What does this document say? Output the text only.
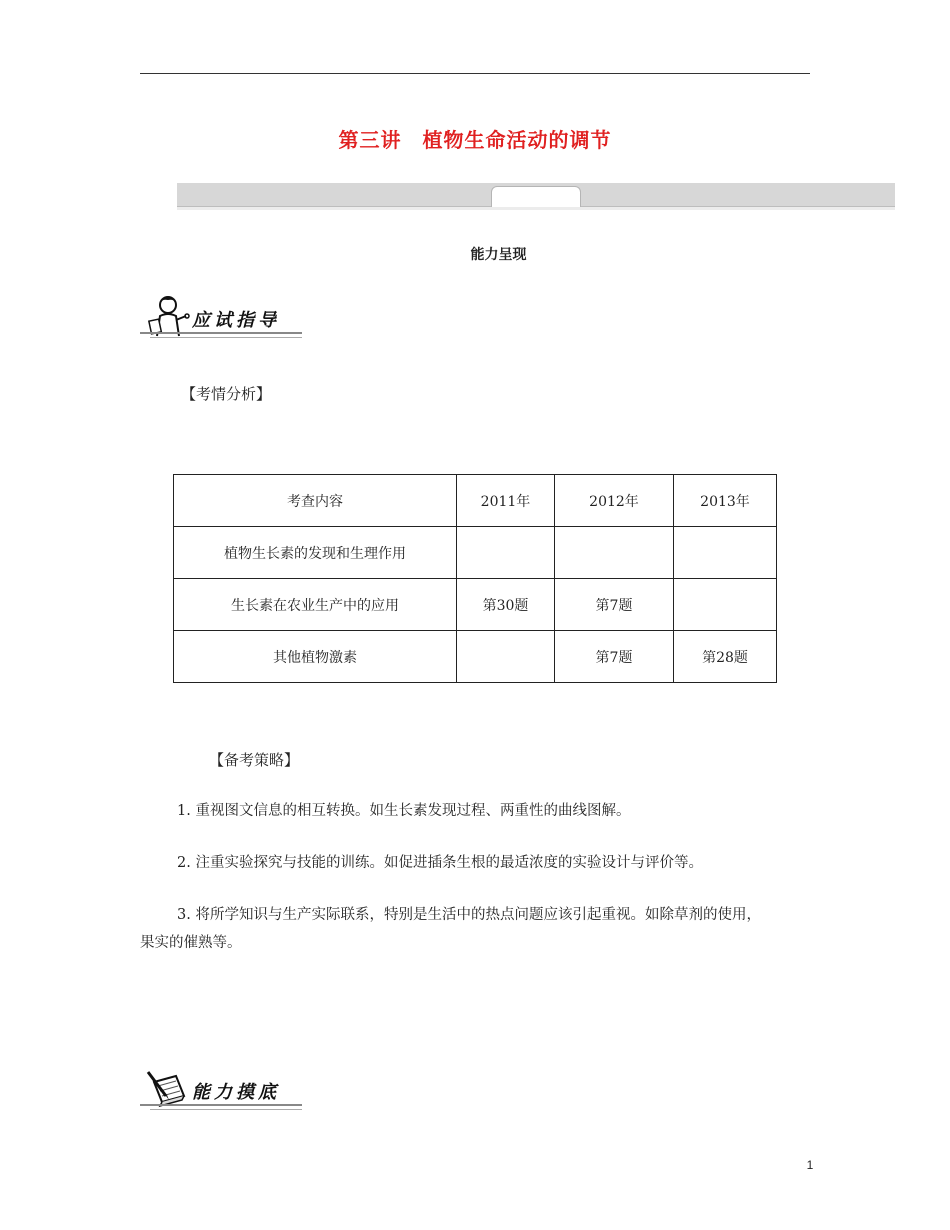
第三讲　植物生命活动的调节
能力呈现
应试指导
【考情分析】
考查内容	2011年	2012年	2013年
植物生长素的发现和生理作用			
生长素在农业生产中的应用	第30题	第7题	
其他植物激素		第7题	第28题
【备考策略】
1. 重视图文信息的相互转换。如生长素发现过程、两重性的曲线图解。
2. 注重实验探究与技能的训练。如促进插条生根的最适浓度的实验设计与评价等。
3. 将所学知识与生产实际联系，特别是生活中的热点问题应该引起重视。如除草剂的使用，
果实的催熟等。
能力摸底
1
